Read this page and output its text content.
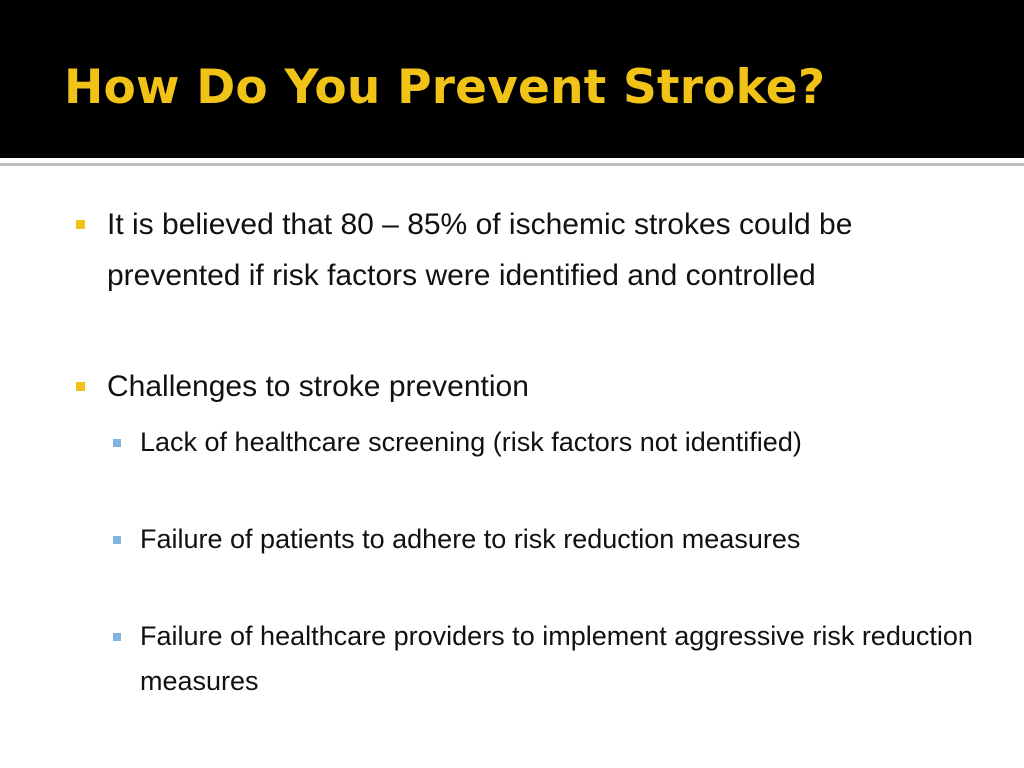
How Do You Prevent Stroke?

It is believed that 80 – 85% of ischemic strokes could be prevented if risk factors were identified and controlled

Challenges to stroke prevention

Lack of healthcare screening (risk factors not identified)

Failure of patients to adhere to risk reduction measures

Failure of healthcare providers to implement aggressive risk reduction measures
